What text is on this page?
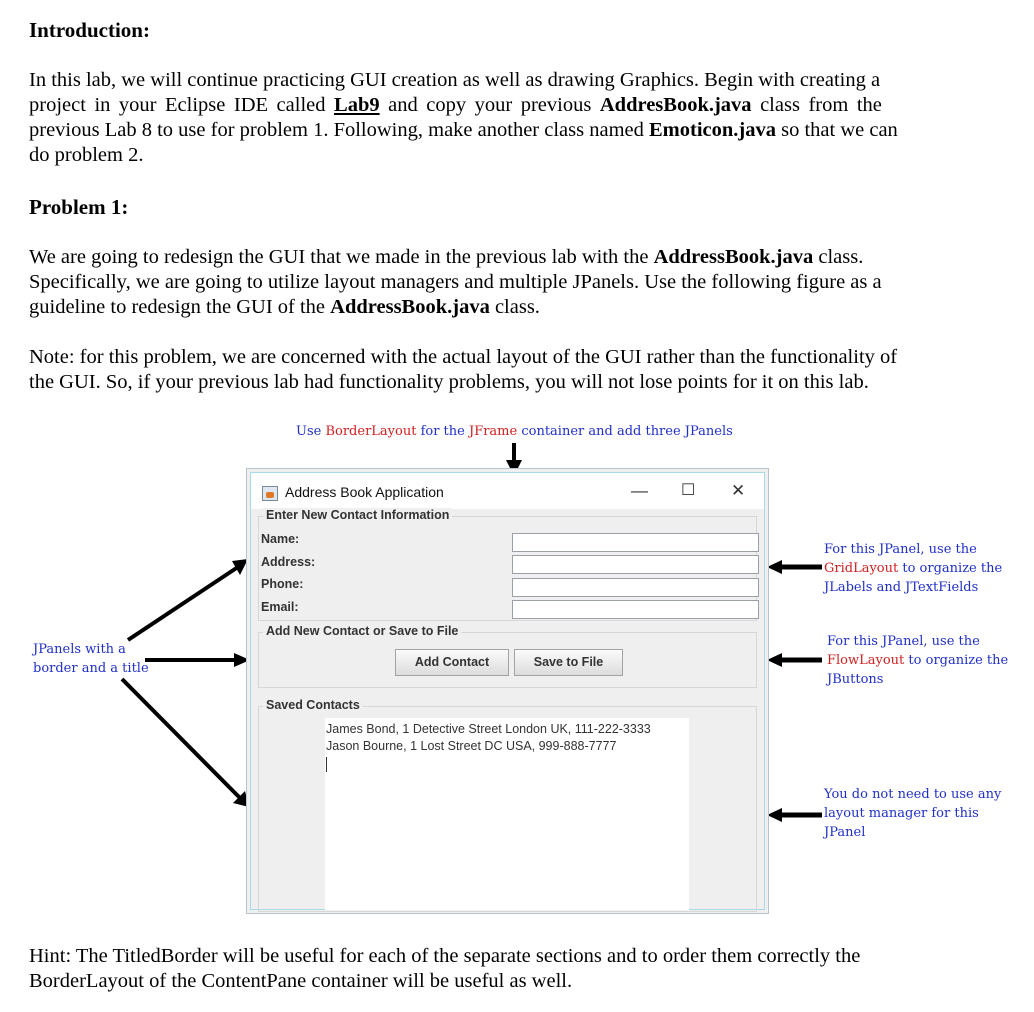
Introduction:
In this lab, we will continue practicing GUI creation as well as drawing Graphics. Begin with creating a
project in your Eclipse IDE called Lab9 and copy your previous AddresBook.java class from the
previous Lab 8 to use for problem 1. Following, make another class named Emoticon.java so that we can
do problem 2.
Problem 1:
We are going to redesign the GUI that we made in the previous lab with the AddressBook.java class.
Specifically, we are going to utilize layout managers and multiple JPanels. Use the following figure as a
guideline to redesign the GUI of the AddressBook.java class.
Note: for this problem, we are concerned with the actual layout of the GUI rather than the functionality of
the GUI. So, if your previous lab had functionality problems, you will not lose points for it on this lab.
Use BorderLayout for the JFrame container and add three JPanels
JPanels with a
border and a title
For this JPanel, use the
GridLayout to organize the
JLabels and JTextFields
For this JPanel, use the
FlowLayout to organize the
JButtons
You do not need to use any
layout manager for this
JPanel
Address Book Application	— ☐ ✕
Enter New Contact Information
Name:
Address:
Phone:
Email:
Add New Contact or Save to File
Add Contact	Save to File
Saved Contacts
James Bond, 1 Detective Street London UK, 111-222-3333
Jason Bourne, 1 Lost Street DC USA, 999-888-7777
Hint: The TitledBorder will be useful for each of the separate sections and to order them correctly the
BorderLayout of the ContentPane container will be useful as well.
